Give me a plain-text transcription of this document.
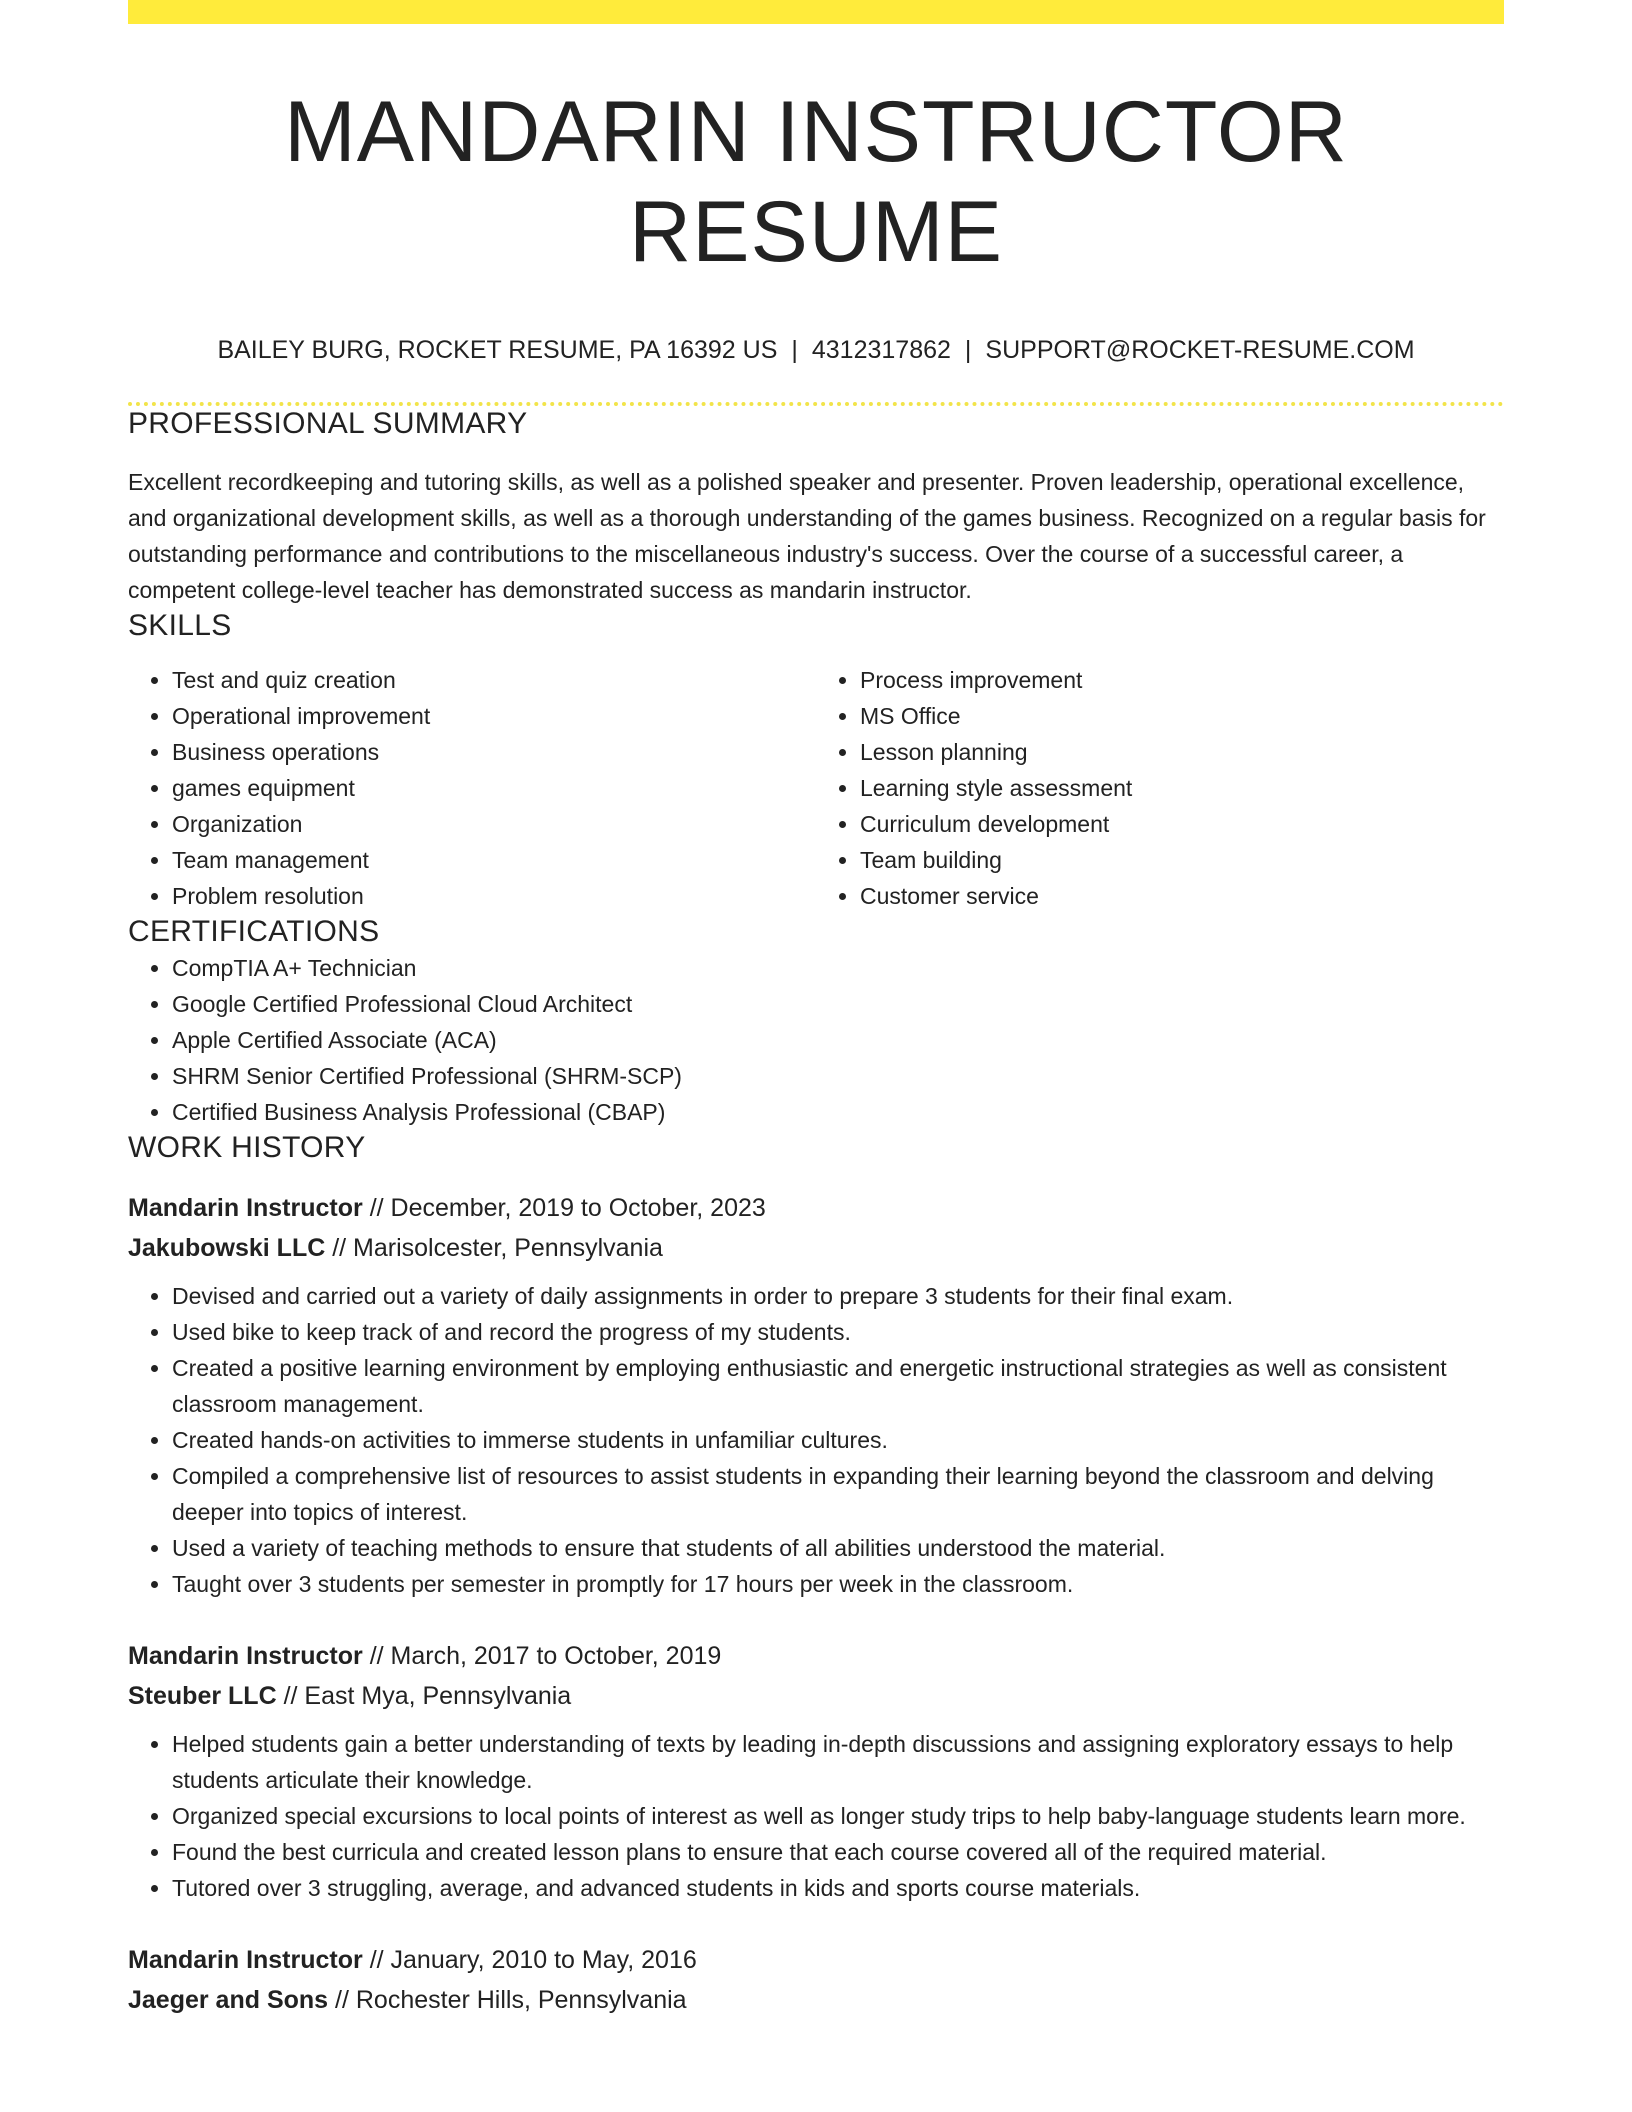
MANDARIN INSTRUCTOR RESUME
BAILEY BURG, ROCKET RESUME, PA 16392 US | 4312317862 | SUPPORT@ROCKET-RESUME.COM
PROFESSIONAL SUMMARY

Excellent recordkeeping and tutoring skills, as well as a polished speaker and presenter. Proven leadership, operational excellence, and organizational development skills, as well as a thorough understanding of the games business. Recognized on a regular basis for outstanding performance and contributions to the miscellaneous industry's success. Over the course of a successful career, a competent college-level teacher has demonstrated success as mandarin instructor.

SKILLS
• Test and quiz creation
• Operational improvement
• Business operations
• games equipment
• Organization
• Team management
• Problem resolution
• Process improvement
• MS Office
• Lesson planning
• Learning style assessment
• Curriculum development
• Team building
• Customer service
CERTIFICATIONS
• CompTIA A+ Technician
• Google Certified Professional Cloud Architect
• Apple Certified Associate (ACA)
• SHRM Senior Certified Professional (SHRM-SCP)
• Certified Business Analysis Professional (CBAP)
WORK HISTORY
Mandarin Instructor // December, 2019 to October, 2023
Jakubowski LLC // Marisolcester, Pennsylvania
• Devised and carried out a variety of daily assignments in order to prepare 3 students for their final exam.
• Used bike to keep track of and record the progress of my students.
• Created a positive learning environment by employing enthusiastic and energetic instructional strategies as well as consistent classroom management.
• Created hands-on activities to immerse students in unfamiliar cultures.
• Compiled a comprehensive list of resources to assist students in expanding their learning beyond the classroom and delving deeper into topics of interest.
• Used a variety of teaching methods to ensure that students of all abilities understood the material.
• Taught over 3 students per semester in promptly for 17 hours per week in the classroom.
Mandarin Instructor // March, 2017 to October, 2019
Steuber LLC // East Mya, Pennsylvania
• Helped students gain a better understanding of texts by leading in-depth discussions and assigning exploratory essays to help students articulate their knowledge.
• Organized special excursions to local points of interest as well as longer study trips to help baby-language students learn more.
• Found the best curricula and created lesson plans to ensure that each course covered all of the required material.
• Tutored over 3 struggling, average, and advanced students in kids and sports course materials.
Mandarin Instructor // January, 2010 to May, 2016
Jaeger and Sons // Rochester Hills, Pennsylvania
